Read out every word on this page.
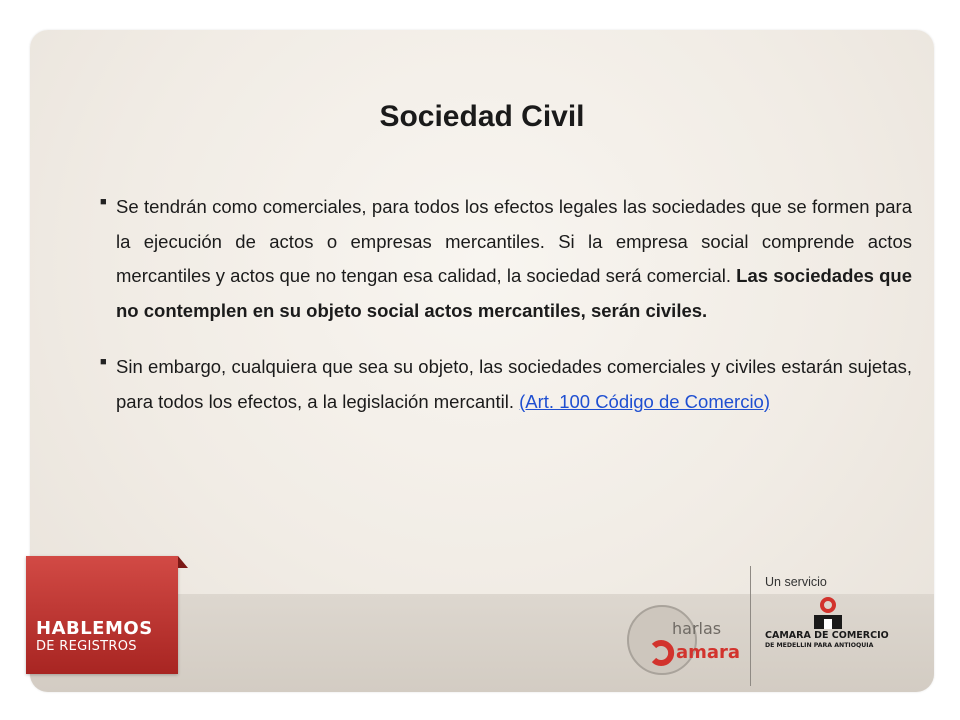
Sociedad Civil

■ Se tendrán como comerciales, para todos los efectos legales las sociedades que se formen para la ejecución de actos o empresas mercantiles. Si la empresa social comprende actos mercantiles y actos que no tengan esa calidad, la sociedad será comercial. Las sociedades que no contemplen en su objeto social actos mercantiles, serán civiles.

■ Sin embargo, cualquiera que sea su objeto, las sociedades comerciales y civiles estarán sujetas, para todos los efectos, a la legislación mercantil. (Art. 100 Código de Comercio)

HABLEMOS
DE REGISTROS
harlas
amara
Un servicio
CAMARA DE COMERCIO
DE MEDELLIN PARA ANTIOQUIA
